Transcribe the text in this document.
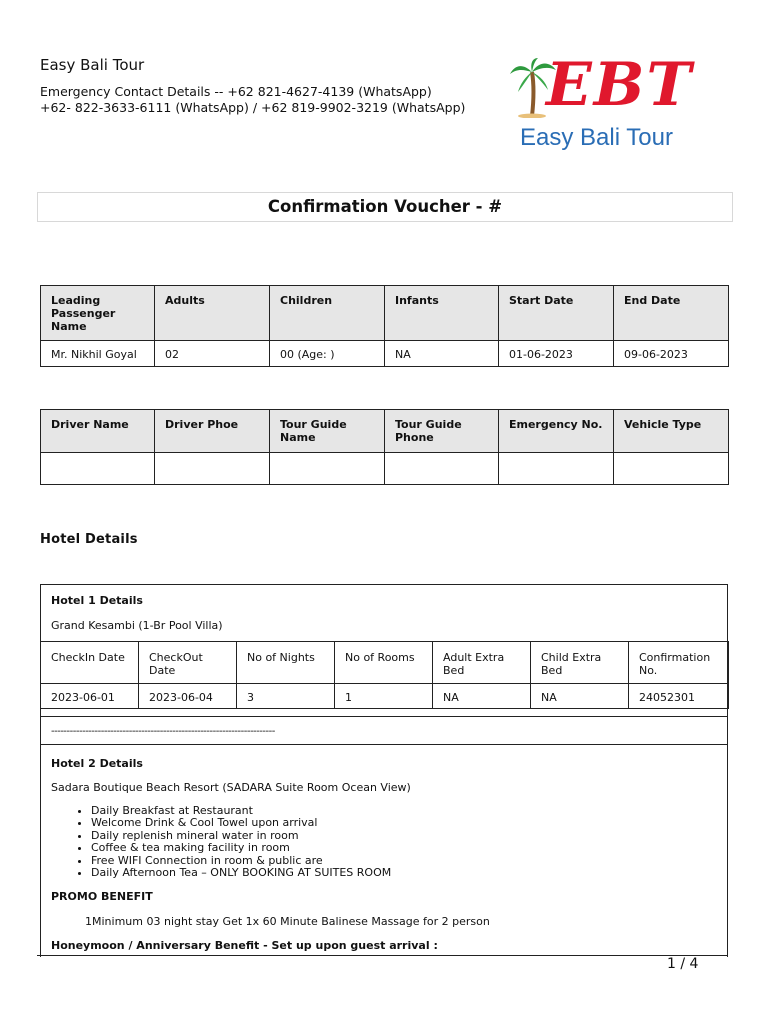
Easy Bali Tour
Emergency Contact Details -- +62 821-4627-4139 (WhatsApp)
+62- 822-3633-6111 (WhatsApp) / +62 819-9902-3219 (WhatsApp) EBT
Easy Bali Tour
Confirmation Voucher - #
Leading Passenger Name	Adults	Children	Infants	Start Date	End Date
Mr. Nikhil Goyal	02	00 (Age: )	NA	01-06-2023	09-06-2023
Driver Name	Driver Phoe	Tour Guide Name	Tour Guide Phone	Emergency No.	Vehicle Type

Hotel Details
Hotel 1 Details
Grand Kesambi (1-Br Pool Villa)
CheckIn Date	CheckOut Date	No of Nights	No of Rooms	Adult Extra Bed	Child Extra Bed	Confirmation No.
2023-06-01	2023-06-04	3	1	NA	NA	24052301
------------------------------------------------------------------------
Hotel 2 Details
Sadara Boutique Beach Resort (SADARA Suite Room Ocean View)
• Daily Breakfast at Restaurant
• Welcome Drink & Cool Towel upon arrival
• Daily replenish mineral water in room
• Coffee & tea making facility in room
• Free WIFI Connection in room & public are
• Daily Afternoon Tea – ONLY BOOKING AT SUITES ROOM
PROMO BENEFIT
1Minimum 03 night stay Get 1x 60 Minute Balinese Massage for 2 person
Honeymoon / Anniversary Benefit - Set up upon guest arrival :
1 / 4
